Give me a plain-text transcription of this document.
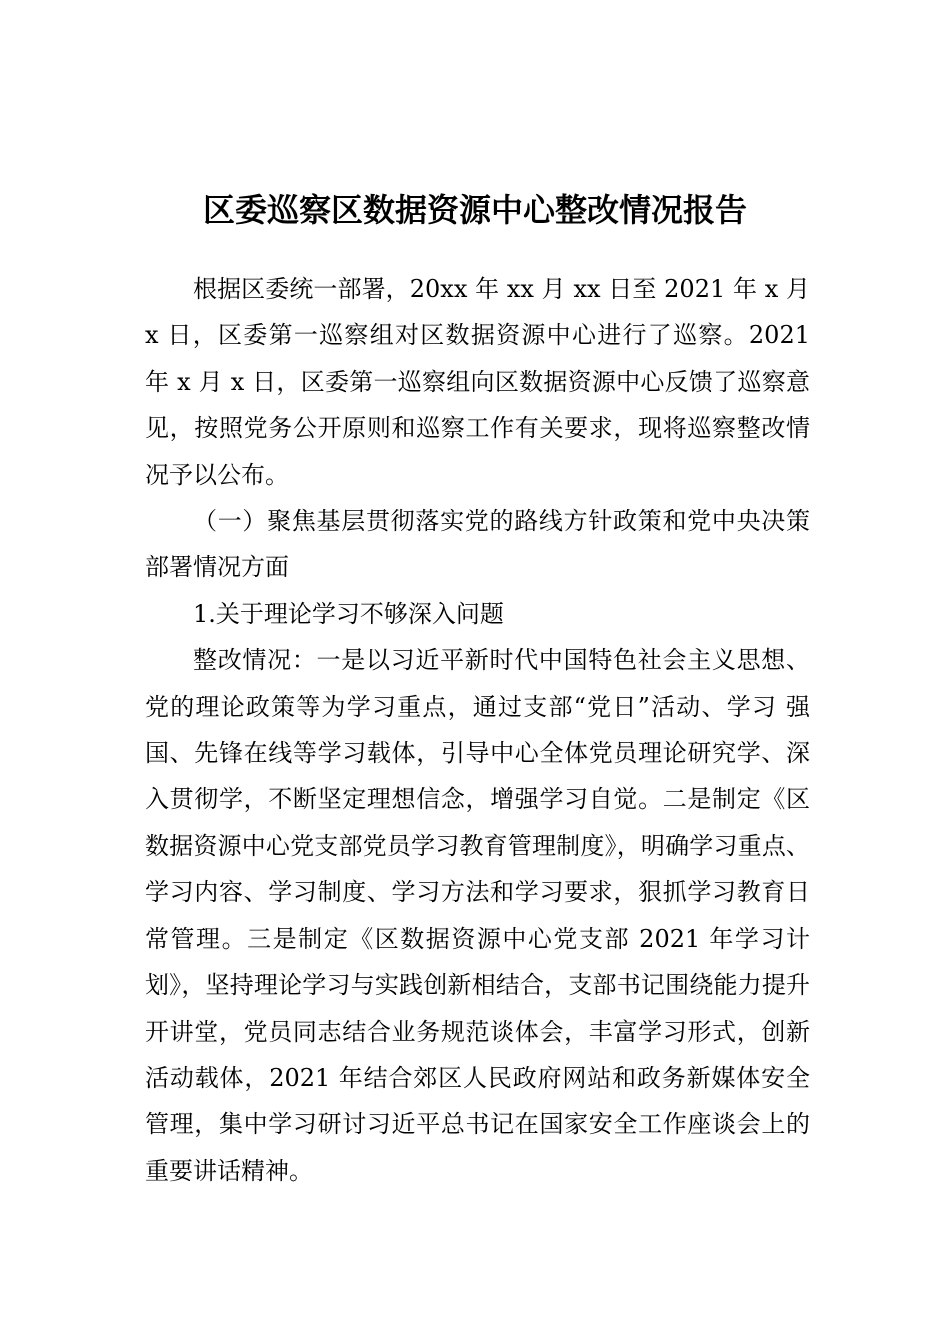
区委巡察区数据资源中心整改情况报告

根据区委统一部署，20xx 年 xx 月 xx 日至 2021 年 x 月 x 日，区委第一巡察组对区数据资源中心进行了巡察。2021 年 x 月 x 日，区委第一巡察组向区数据资源中心反馈了巡察意见，按照党务公开原则和巡察工作有关要求，现将巡察整改情况予以公布。

（一）聚焦基层贯彻落实党的路线方针政策和党中央决策部署情况方面

1.关于理论学习不够深入问题

整改情况：一是以习近平新时代中国特色社会主义思想、党的理论政策等为学习重点，通过支部“党日”活动、学习 强国、先锋在线等学习载体，引导中心全体党员理论研究学、深入贯彻学，不断坚定理想信念，增强学习自觉。二是制定《区数据资源中心党支部党员学习教育管理制度》，明确学习重点、学习内容、学习制度、学习方法和学习要求，狠抓学习教育日常管理。三是制定《区数据资源中心党支部 2021 年学习计划》，坚持理论学习与实践创新相结合，支部书记围绕能力提升开讲堂，党员同志结合业务规范谈体会，丰富学习形式，创新活动载体，2021 年结合郊区人民政府网站和政务新媒体安全管理，集中学习研讨习近平总书记在国家安全工作座谈会上的重要讲话精神。
